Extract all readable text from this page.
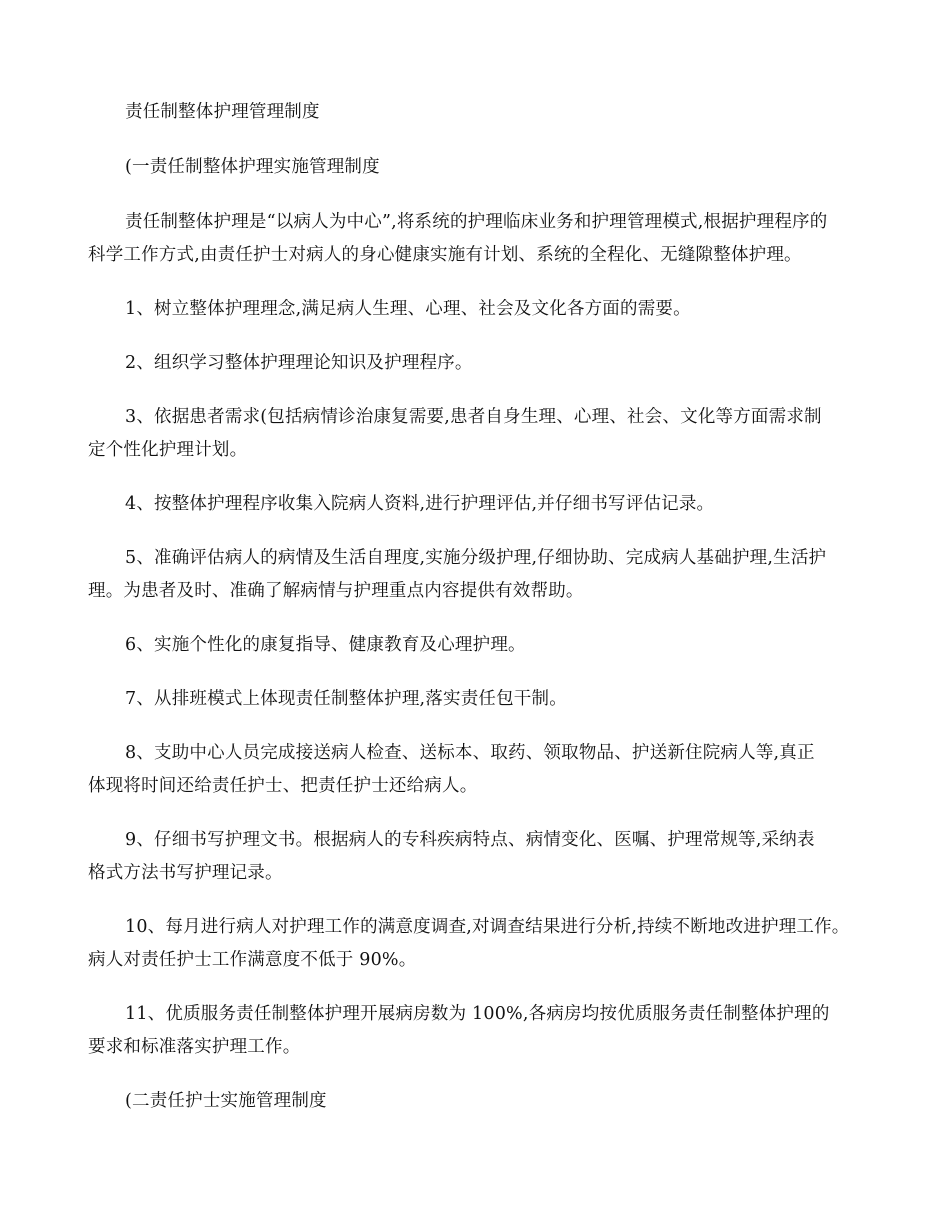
责任制整体护理管理制度
(一责任制整体护理实施管理制度
责任制整体护理是“以病人为中心”,将系统的护理临床业务和护理管理模式,根据护理程序的
科学工作方式,由责任护士对病人的身心健康实施有计划、系统的全程化、无缝隙整体护理。
1、树立整体护理理念,满足病人生理、心理、社会及文化各方面的需要。
2、组织学习整体护理理论知识及护理程序。
3、依据患者需求(包括病情诊治康复需要,患者自身生理、心理、社会、文化等方面需求制
定个性化护理计划。
4、按整体护理程序收集入院病人资料,进行护理评估,并仔细书写评估记录。
5、准确评估病人的病情及生活自理度,实施分级护理,仔细协助、完成病人基础护理,生活护
理。为患者及时、准确了解病情与护理重点内容提供有效帮助。
6、实施个性化的康复指导、健康教育及心理护理。
7、从排班模式上体现责任制整体护理,落实责任包干制。
8、支助中心人员完成接送病人检查、送标本、取药、领取物品、护送新住院病人等,真正
体现将时间还给责任护士、把责任护士还给病人。
9、仔细书写护理文书。根据病人的专科疾病特点、病情变化、医嘱、护理常规等,采纳表
格式方法书写护理记录。
10、每月进行病人对护理工作的满意度调查,对调查结果进行分析,持续不断地改进护理工作。
病人对责任护士工作满意度不低于 90%。
11、优质服务责任制整体护理开展病房数为 100%,各病房均按优质服务责任制整体护理的
要求和标准落实护理工作。
(二责任护士实施管理制度
